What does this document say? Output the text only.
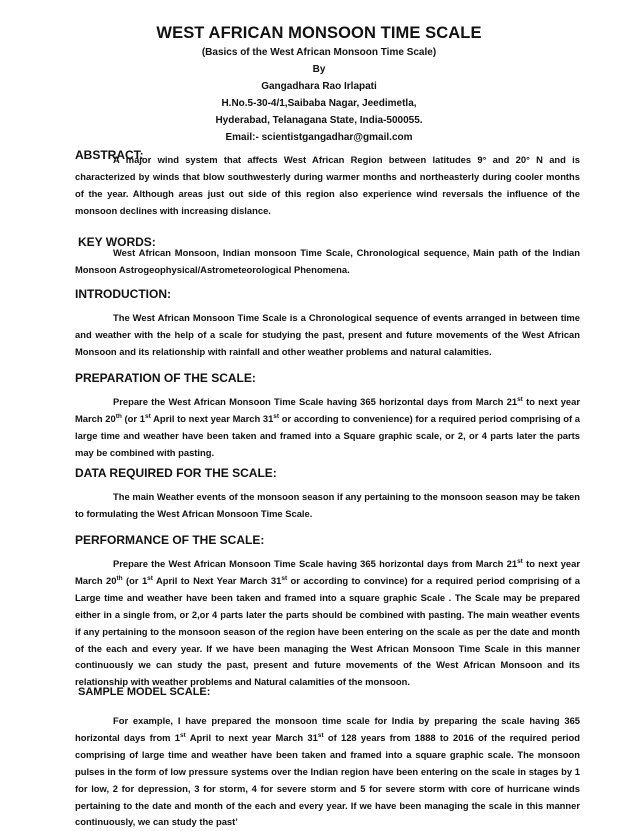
WEST AFRICAN MONSOON TIME SCALE
(Basics of the West African Monsoon Time Scale)
By
Gangadhara Rao Irlapati
H.No.5-30-4/1,Saibaba Nagar, Jeedimetla,
Hyderabad, Telanagana State, India-500055.
Email:- scientistgangadhar@gmail.com
ABSTRACT:
A major wind system that affects West African Region between latitudes 9° and 20° N and is characterized by winds that blow southwesterly during warmer months and northeasterly during cooler months of the year. Although areas just out side of this region also experience wind reversals the influence of the monsoon declines with increasing dislance.
KEY WORDS:
West African Monsoon, Indian monsoon Time Scale, Chronological sequence, Main path of the Indian Monsoon Astrogeophysical/Astrometeorological Phenomena.
INTRODUCTION:
The West African Monsoon Time Scale is a Chronological sequence of events arranged in between time and weather with the help of a scale for studying the past, present and future movements of the West African Monsoon and its relationship with rainfall and other weather problems and natural calamities.
PREPARATION OF THE SCALE:
Prepare the West African Monsoon Time Scale having 365 horizontal days from March 21st to next year March 20th (or 1st April to next year March 31st or according to convenience) for a required period comprising of a large time and weather have been taken and framed into a Square graphic scale, or 2, or 4 parts later the parts may be combined with pasting.
DATA REQUIRED FOR THE SCALE:
The main Weather events of the monsoon season if any pertaining to the monsoon season may be taken to formulating the West African Monsoon Time Scale.
PERFORMANCE OF THE SCALE:
Prepare the West African Monsoon Time Scale having 365 horizontal days from March 21st to next year March 20th (or 1st April to Next Year March 31st or according to convince) for a required period comprising of a Large time and weather have been taken and framed into a square graphic Scale . The Scale may be prepared either in a single from, or 2,or 4 parts later the parts should be combined with pasting. The main weather events if any pertaining to the monsoon season of the region have been entering on the scale as per the date and month of the each and every year. If we have been managing the West African Monsoon Time Scale in this manner continuously we can study the past, present and future movements of the West African Monsoon and its relationship with weather problems and Natural calamities of the monsoon.
SAMPLE MODEL SCALE:
For example, I have prepared the monsoon time scale for India by preparing the scale having 365 horizontal days from 1st April to next year March 31st of 128 years from 1888 to 2016 of the required period comprising of large time and weather have been taken and framed into a square graphic scale. The monsoon pulses in the form of low pressure systems over the Indian region have been entering on the scale in stages by 1 for low, 2 for depression, 3 for storm, 4 for severe storm and 5 for severe storm with core of hurricane winds pertaining to the date and month of the each and every year. If we have been managing the scale in this manner continuously, we can study the past’
